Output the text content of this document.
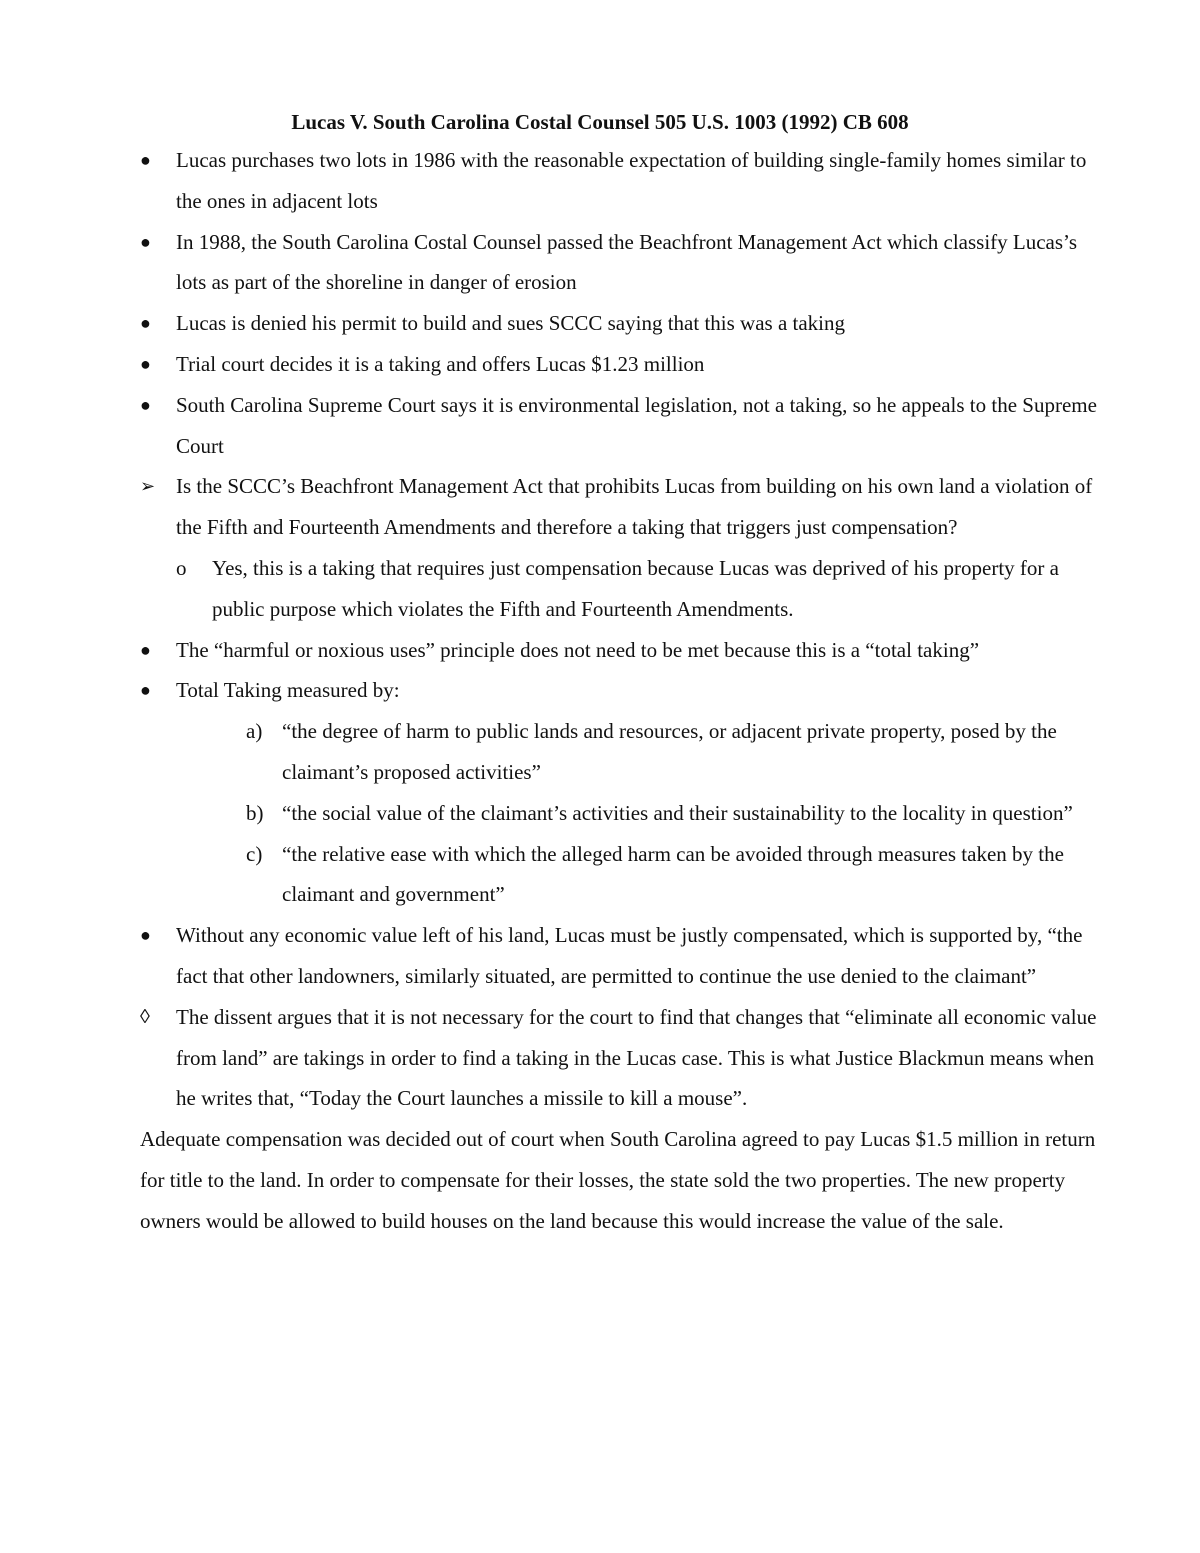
Lucas V. South Carolina Costal Counsel 505 U.S. 1003 (1992) CB 608
●	Lucas purchases two lots in 1986 with the reasonable expectation of building single-family homes similar to the ones in adjacent lots
●	In 1988, the South Carolina Costal Counsel passed the Beachfront Management Act which classify Lucas’s lots as part of the shoreline in danger of erosion
●	Lucas is denied his permit to build and sues SCCC saying that this was a taking
●	Trial court decides it is a taking and offers Lucas $1.23 million
●	South Carolina Supreme Court says it is environmental legislation, not a taking, so he appeals to the Supreme Court
➢ Is the SCCC’s Beachfront Management Act that prohibits Lucas from building on his own land a violation of the Fifth and Fourteenth Amendments and therefore a taking that triggers just compensation?
o	Yes, this is a taking that requires just compensation because Lucas was deprived of his property for a public purpose which violates the Fifth and Fourteenth Amendments.
●	The “harmful or noxious uses” principle does not need to be met because this is a “total taking”
●	Total Taking measured by:
a) “the degree of harm to public lands and resources, or adjacent private property, posed by the claimant’s proposed activities”
b) “the social value of the claimant’s activities and their sustainability to the locality in question”
c) “the relative ease with which the alleged harm can be avoided through measures taken by the claimant and government”
●	Without any economic value left of his land, Lucas must be justly compensated, which is supported by, “the fact that other landowners, similarly situated, are permitted to continue the use denied to the claimant”
◊	The dissent argues that it is not necessary for the court to find that changes that “eliminate all economic value from land” are takings in order to find a taking in the Lucas case. This is what Justice Blackmun means when he writes that, “Today the Court launches a missile to kill a mouse”.

Adequate compensation was decided out of court when South Carolina agreed to pay Lucas $1.5 million in return for title to the land. In order to compensate for their losses, the state sold the two properties. The new property owners would be allowed to build houses on the land because this would increase the value of the sale.
